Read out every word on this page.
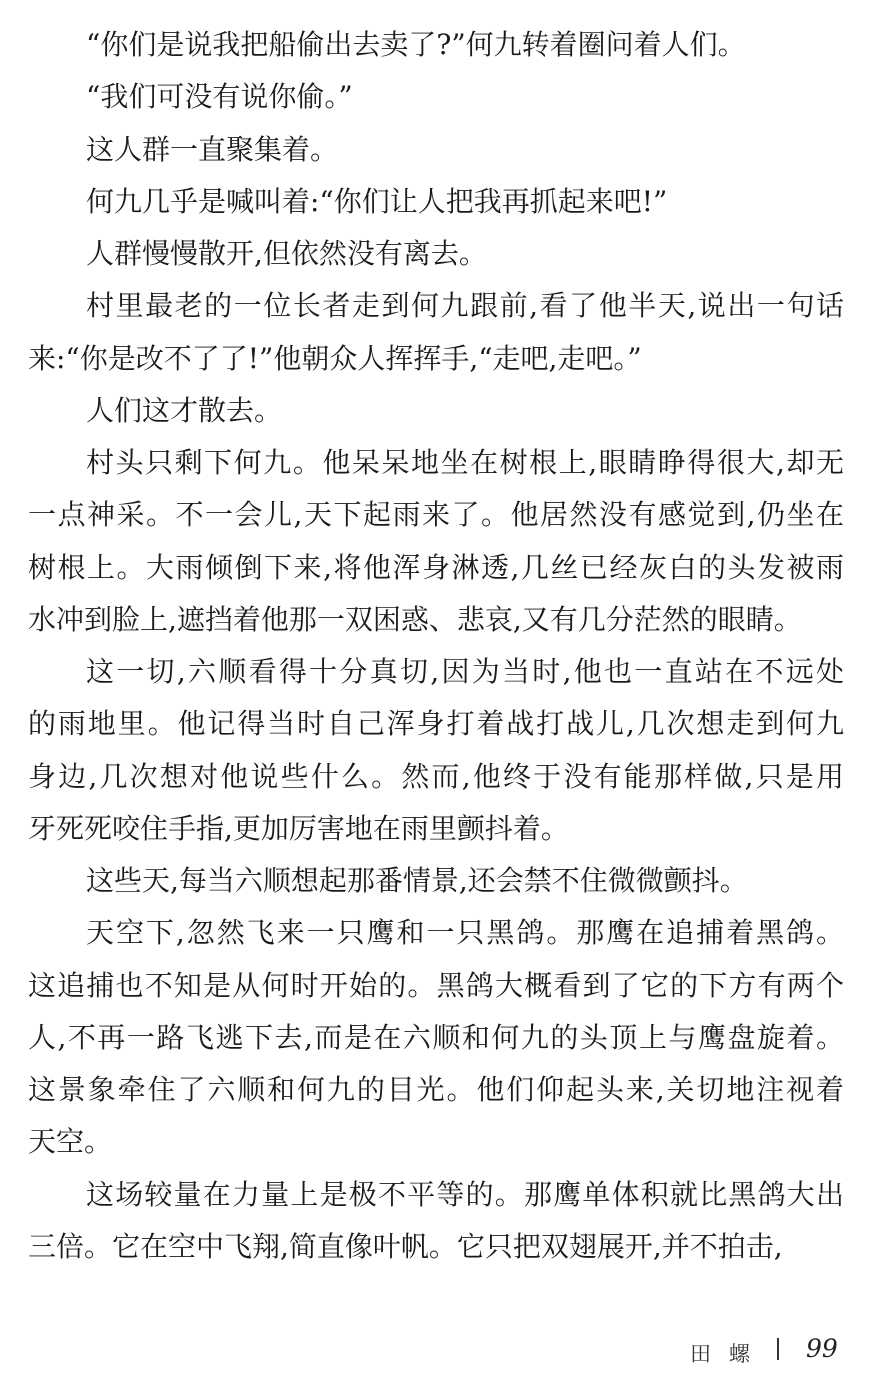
“你们是说我把船偷出去卖了?”何九转着圈问着人们。
“我们可没有说你偷。”
这人群一直聚集着。
何九几乎是喊叫着:“你们让人把我再抓起来吧!”
人群慢慢散开,但依然没有离去。
村里最老的一位长者走到何九跟前,看了他半天,说出一句话
来:“你是改不了了!”他朝众人挥挥手,“走吧,走吧。”
人们这才散去。
村头只剩下何九。他呆呆地坐在树根上,眼睛睁得很大,却无
一点神采。不一会儿,天下起雨来了。他居然没有感觉到,仍坐在
树根上。大雨倾倒下来,将他浑身淋透,几丝已经灰白的头发被雨
水冲到脸上,遮挡着他那一双困惑、悲哀,又有几分茫然的眼睛。
这一切,六顺看得十分真切,因为当时,他也一直站在不远处
的雨地里。他记得当时自己浑身打着战打战儿,几次想走到何九
身边,几次想对他说些什么。然而,他终于没有能那样做,只是用
牙死死咬住手指,更加厉害地在雨里颤抖着。
这些天,每当六顺想起那番情景,还会禁不住微微颤抖。
天空下,忽然飞来一只鹰和一只黑鸽。那鹰在追捕着黑鸽。
这追捕也不知是从何时开始的。黑鸽大概看到了它的下方有两个
人,不再一路飞逃下去,而是在六顺和何九的头顶上与鹰盘旋着。
这景象牵住了六顺和何九的目光。他们仰起头来,关切地注视着
天空。
这场较量在力量上是极不平等的。那鹰单体积就比黑鸽大出
三倍。它在空中飞翔,简直像叶帆。它只把双翅展开,并不拍击,
田螺 99
